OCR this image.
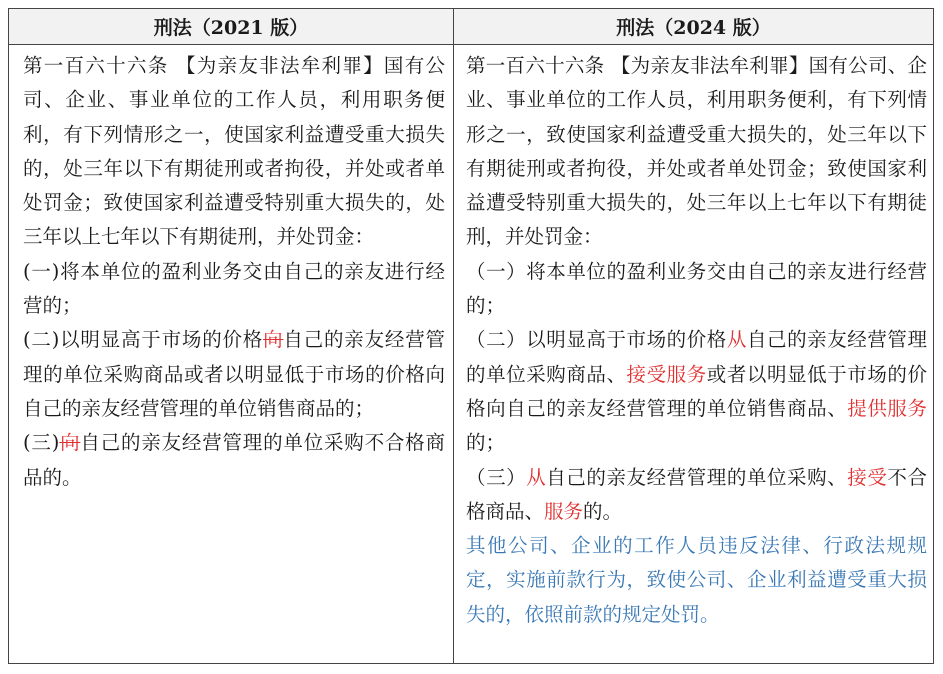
刑法（2021 版）	刑法（2024 版）

第一百六十六条 【为亲友非法牟利罪】国有公司、企业、事业单位的工作人员，利用职务便利，有下列情形之一，使国家利益遭受重大损失的，处三年以下有期徒刑或者拘役，并处或者单处罚金；致使国家利益遭受特别重大损失的，处三年以上七年以下有期徒刑，并处罚金：

(一)将本单位的盈利业务交由自己的亲友进行经营的；

(二)以明显高于市场的价格向自己的亲友经营管理的单位采购商品或者以明显低于市场的价格向自己的亲友经营管理的单位销售商品的；

(三)向自己的亲友经营管理的单位采购不合格商品的。

第一百六十六条 【为亲友非法牟利罪】国有公司、企业、事业单位的工作人员，利用职务便利，有下列情形之一，致使国家利益遭受重大损失的，处三年以下有期徒刑或者拘役，并处或者单处罚金；致使国家利益遭受特别重大损失的，处三年以上七年以下有期徒刑，并处罚金：

（一）将本单位的盈利业务交由自己的亲友进行经营的；

（二）以明显高于市场的价格从自己的亲友经营管理的单位采购商品、接受服务或者以明显低于市场的价格向自己的亲友经营管理的单位销售商品、提供服务的；

（三）从自己的亲友经营管理的单位采购、接受不合格商品、服务的。

其他公司、企业的工作人员违反法律、行政法规规定，实施前款行为，致使公司、企业利益遭受重大损失的，依照前款的规定处罚。
